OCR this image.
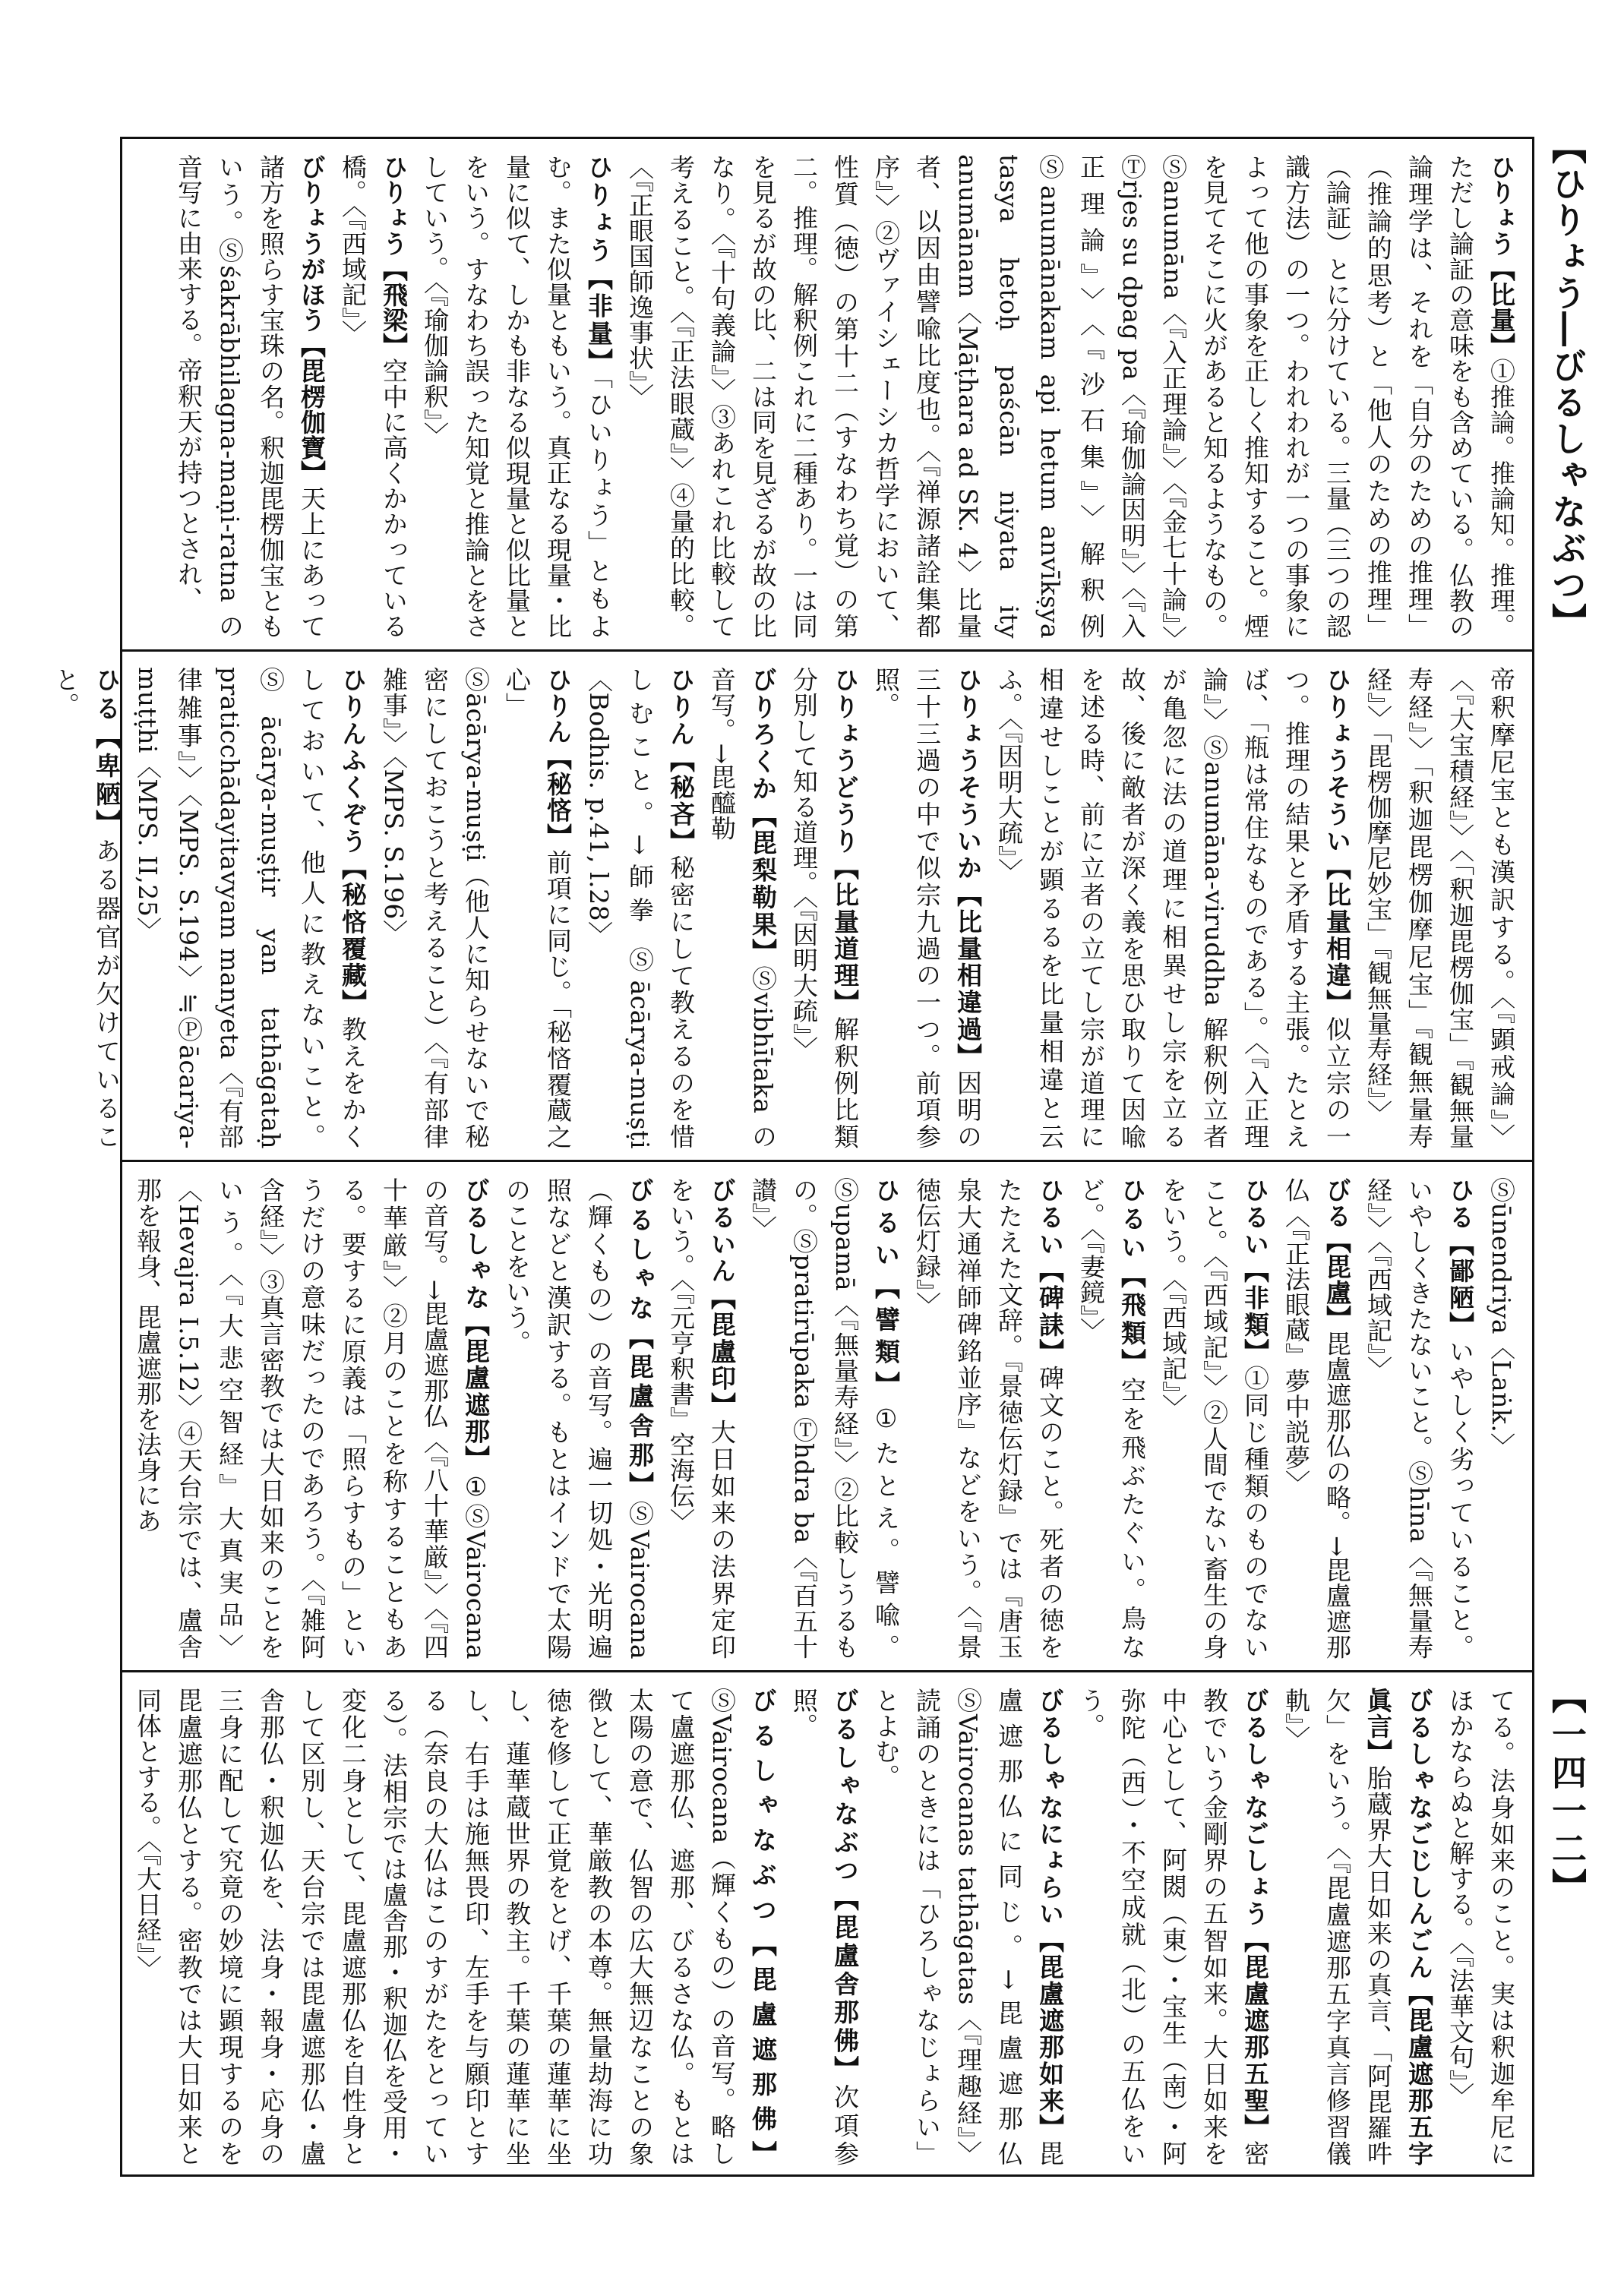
【ひりょう―びるしゃなぶつ】
【一四一二】
ひりょう【比量】①推論。推論知。推理。ただし論証の意味をも含めている。仏教の論理学は、それを「自分のための推理」（推論的思考）と「他人のための推理」（論証）とに分けている。三量（三つの認識方法）の一つ。われわれが一つの事象によって他の事象を正しく推知すること。煙を見てそこに火があると知るようなもの。Ⓢanumāna〈『入正理論』〉〈『金七十論』〉Ⓣrjes su dpag pa〈『瑜伽論因明』〉〈『入正理論』〉〈『沙石集』〉解釈例Ⓢanumānakam api hetum anvīkṣya tasya hetoḥ paścān niyata ity anumānam〈Māṭhara ad SK. 4〉比量者、以因由譬喩比度也。〈『禅源諸詮集都序』〉②ヴァイシェーシカ哲学において、性質（徳）の第十二（すなわち覚）の第二。推理。解釈例これに二種あり。一は同を見るが故の比、二は同を見ざるが故の比なり。〈『十句義論』〉③あれこれ比較して考えること。〈『正法眼蔵』〉④量的比較。〈『正眼国師逸事状』〉
ひりょう【非量】「ひいりょう」ともよむ。また似量ともいう。真正なる現量・比量に似て、しかも非なる似現量と似比量とをいう。すなわち誤った知覚と推論とをさしていう。〈『瑜伽論釈』〉
ひりょう【飛梁】空中に高くかかっている橋。〈『西域記』〉
びりょうがほう【毘楞伽寶】天上にあって諸方を照らす宝珠の名。釈迦毘楞伽宝ともいう。Ⓢśakrābhilagna-maṇi-ratna の音写に由来する。帝釈天が持つとされ、
帝釈摩尼宝とも漢訳する。〈『顕戒論』〉〈『大宝積経』〉〈「釈迦毘楞伽宝」『観無量寿経』〉「釈迦毘楞伽摩尼宝」『観無量寿経』〉「毘楞伽摩尼妙宝」『観無量寿経』〉
ひりょうそうい【比量相違】似立宗の一つ。推理の結果と矛盾する主張。たとえば、「瓶は常住なものである」。〈『入正理論』〉Ⓢanumāna-viruddha 解釈例立者が亀忽に法の道理に相異せし宗を立る故、後に敵者が深く義を思ひ取りて因喩を述る時、前に立者の立てし宗が道理に相違せしことが顕るるを比量相違と云ふ。〈『因明大疏』〉
ひりょうそういか【比量相違過】因明の三十三過の中で似宗九過の一つ。前項参照。
ひりょうどうり【比量道理】解釈例比類分別して知る道理。〈『因明大疏』〉
びりろくか【毘梨勒果】Ⓢvibhītaka の音写。→毘醯勒
ひりん【秘吝】秘密にして教えるのを惜しむこと。→師拳 Ⓢācārya-muṣṭi〈Bodhis. p.41, l.28〉
ひりん【秘悋】前項に同じ。「秘悋覆蔵之心」
Ⓢācārya-muṣṭi（他人に知らせないで秘密にしておこうと考えること）〈『有部律雑事』〉〈MPS. S.196〉
ひりんふくぞう【秘悋覆藏】教えをかくしておいて、他人に教えないこと。Ⓢācārya-muṣṭir yan tathāgataḥ praticchādayitavyam manyeta〈『有部律雑事』〉〈MPS. S.194〉≒Ⓟācariya-muṭṭhi〈MPS. II,25〉
ひる【卑陋】ある器官が欠けていること。
Ⓢūnendriya〈Laṅk.〉
ひる【鄙陋】いやしく劣っていること。いやしくきたないこと。Ⓢhīna〈『無量寿経』〉〈『西域記』〉
びる【毘盧】毘盧遮那仏の略。→毘盧遮那仏〈『正法眼蔵』夢中説夢〉
ひるい【非類】①同じ種類のものでないこと。〈『西域記』〉②人間でない畜生の身をいう。〈『西域記』〉
ひるい【飛類】空を飛ぶたぐい。鳥など。〈『妻鏡』〉
ひるい【碑誄】碑文のこと。死者の徳をたたえた文辞。『景徳伝灯録』では『唐玉泉大通禅師碑銘並序』などをいう。〈『景徳伝灯録』〉
ひるい【譬類】①たとえ。譬喩。Ⓢupamā〈『無量寿経』〉②比較しうるもの。Ⓢpratirūpaka Ⓣhdra ba〈『百五十讃』〉
びるいん【毘盧印】大日如来の法界定印をいう。〈『元亨釈書』空海伝〉
びるしゃな【毘盧舎那】ⓈVairocana（輝くもの）の音写。遍一切処・光明遍照などと漢訳する。もとはインドで太陽のことをいう。
びるしゃな【毘盧遮那】①ⓈVairocana の音写。→毘盧遮那仏〈『八十華厳』〉〈『四十華厳』〉②月のことを称することもある。要するに原義は「照らすもの」というだけの意味だったのであろう。〈『雑阿含経』〉③真言密教では大日如来のことをいう。〈『大悲空智経』大真実品〉〈Hevajra I.5.12〉④天台宗では、盧舎那を報身、毘盧遮那を法身にあ
てる。法身如来のこと。実は釈迦牟尼にほかならぬと解する。〈『法華文句』〉
びるしゃなごじしんごん【毘盧遮那五字眞言】胎蔵界大日如来の真言、「阿毘羅吽欠」をいう。〈『毘盧遮那五字真言修習儀軌』〉
びるしゃなごしょう【毘盧遮那五聖】密教でいう金剛界の五智如来。大日如来を中心として、阿閦（東）・宝生（南）・阿弥陀（西）・不空成就（北）の五仏をいう。
びるしゃなにょらい【毘盧遮那如来】毘盧遮那仏に同じ。→毘盧遮那仏 ⓈVairocanas tathāgatas〈『理趣経』〉読誦のときには「ひろしゃなじょらい」とよむ。
びるしゃなぶつ【毘盧舎那佛】次項参照。
びるしゃなぶつ【毘盧遮那佛】ⓈVairocana（輝くもの）の音写。略して盧遮那仏、遮那、びるさな仏。もとは太陽の意で、仏智の広大無辺なことの象徴として、華厳教の本尊。無量劫海に功徳を修して正覚をとげ、千葉の蓮華に坐し、蓮華蔵世界の教主。千葉の蓮華に坐し、右手は施無畏印、左手を与願印とする（奈良の大仏はこのすがたをとっている）。法相宗では盧舎那・釈迦仏を受用・変化二身として、毘盧遮那仏を自性身として区別し、天台宗では毘盧遮那仏・盧舎那仏・釈迦仏を、法身・報身・応身の三身に配して究竟の妙境に顕現するのを毘盧遮那仏とする。密教では大日如来と同体とする。〈『大日経』〉
